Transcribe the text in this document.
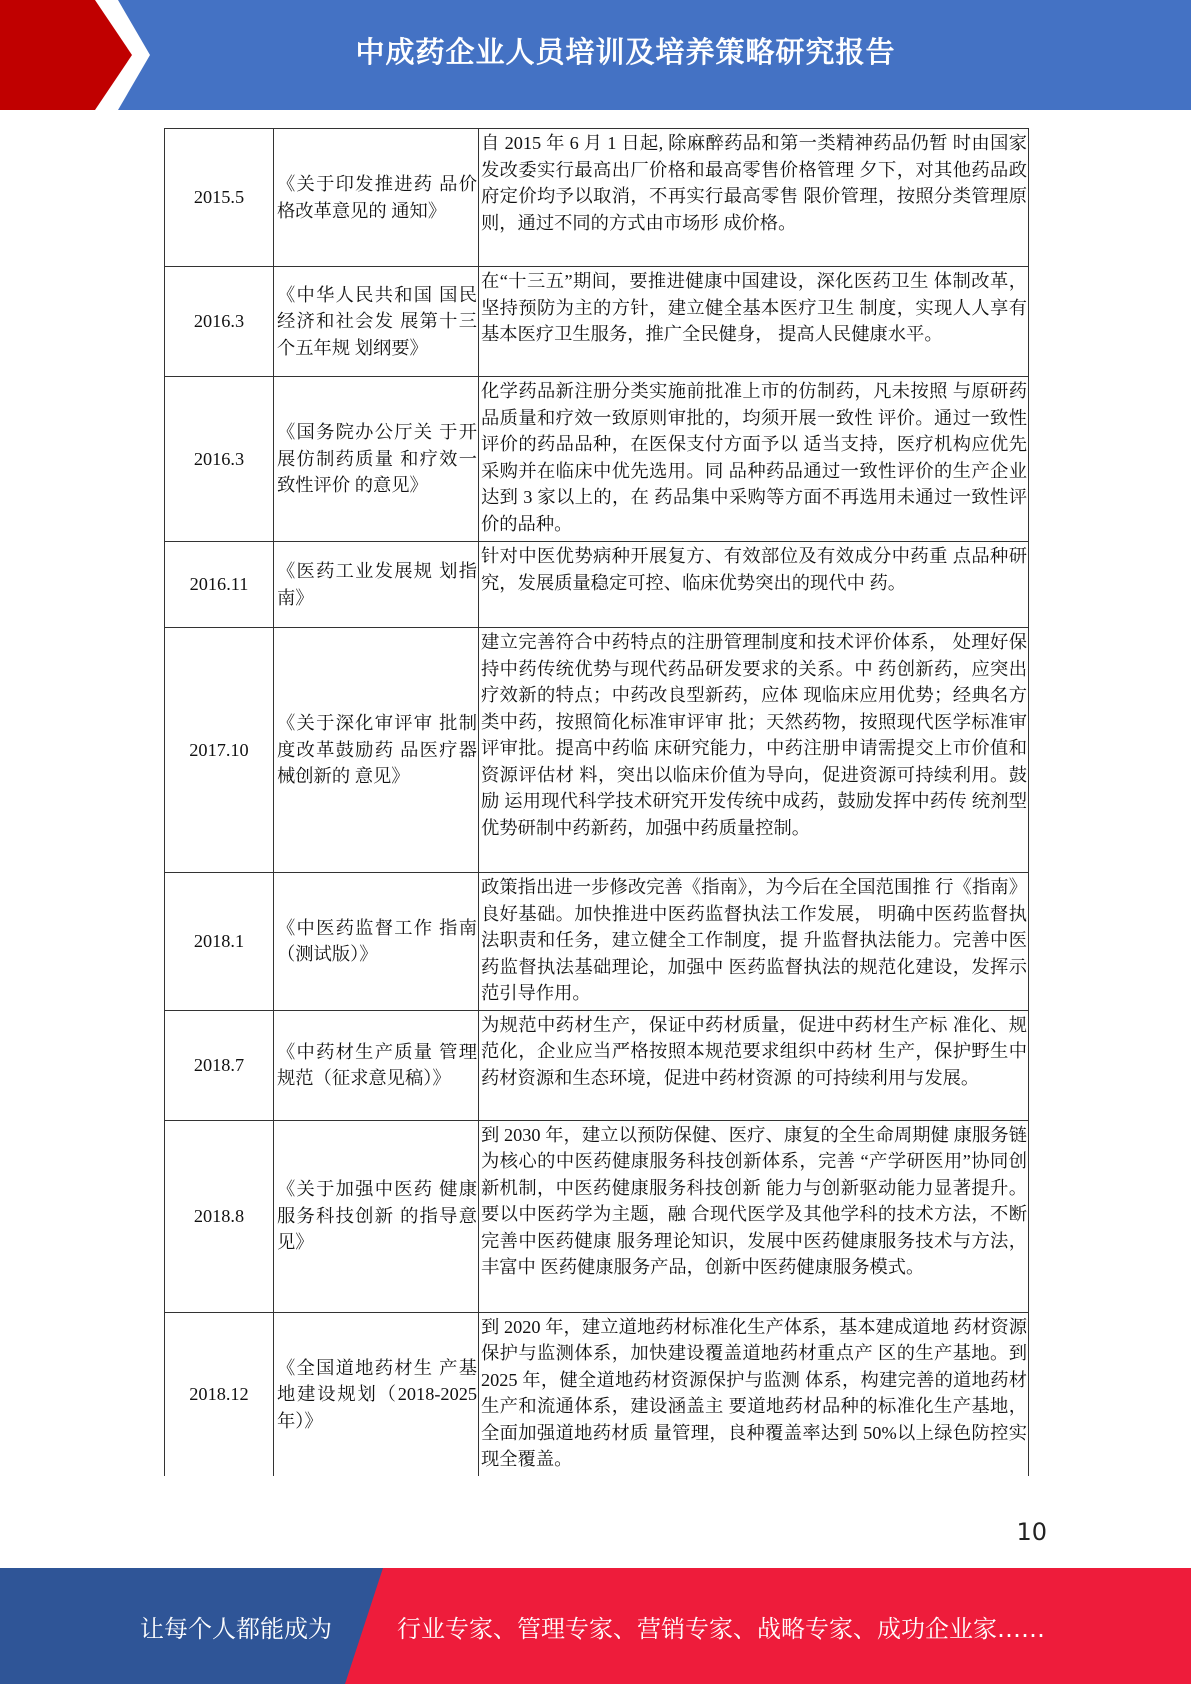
中成药企业人员培训及培养策略研究报告
2015.5	《关于印发推进药 品价格改革意见的 通知》	自 2015 年 6 月 1 日起, 除麻醉药品和第一类精神药品仍暂 时由国家发改委实行最高出厂价格和最高零售价格管理 夕下，对其他药品政府定价均予以取消，不再实行最高零售 限价管理，按照分类管理原则，通过不同的方式由市场形 成价格。
2016.3	《中华人民共和国 国民经济和社会发 展第十三个五年规 划纲要》	在“十三五”期间，要推进健康中国建设，深化医药卫生 体制改革，坚持预防为主的方针，建立健全基本医疗卫生 制度，实现人人享有基本医疗卫生服务，推广全民健身， 提高人民健康水平。
2016.3	《国务院办公厅关 于开展仿制药质量 和疗效一致性评价 的意见》	化学药品新注册分类实施前批准上市的仿制药，凡未按照 与原研药品质量和疗效一致原则审批的，均须开展一致性 评价。通过一致性评价的药品品种，在医保支付方面予以 适当支持，医疗机构应优先采购并在临床中优先选用。同 品种药品通过一致性评价的生产企业达到 3 家以上的，在 药品集中采购等方面不再选用未通过一致性评价的品种。
2016.11	《医药工业发展规 划指南》	针对中医优势病种开展复方、有效部位及有效成分中药重 点品种研究，发展质量稳定可控、临床优势突出的现代中 药。
2017.10	《关于深化审评审 批制度改革鼓励药 品医疗器械创新的 意见》	建立完善符合中药特点的注册管理制度和技术评价体系， 处理好保持中药传统优势与现代药品研发要求的关系。中 药创新药，应突出疗效新的特点；中药改良型新药，应体 现临床应用优势；经典名方类中药，按照简化标准审评审 批；天然药物，按照现代医学标准审评审批。提高中药临 床研究能力，中药注册申请需提交上市价值和资源评估材 料，突出以临床价值为导向，促进资源可持续利用。鼓励 运用现代科学技术研究开发传统中成药，鼓励发挥中药传 统剂型优势研制中药新药，加强中药质量控制。
2018.1	《中医药监督工作 指南（测试版）》	政策指出进一步修改完善《指南》，为今后在全国范围推 行《指南》良好基础。加快推进中医药监督执法工作发展， 明确中医药监督执法职责和任务，建立健全工作制度，提 升监督执法能力。完善中医药监督执法基础理论，加强中 医药监督执法的规范化建设，发挥示范引导作用。
2018.7	《中药材生产质量 管理规范（征求意见稿）》	为规范中药材生产，保证中药材质量，促进中药材生产标 准化、规范化，企业应当严格按照本规范要求组织中药材 生产，保护野生中药材资源和生态环境，促进中药材资源 的可持续利用与发展。
2018.8	《关于加强中医药 健康服务科技创新 的指导意见》	到 2030 年，建立以预防保健、医疗、康复的全生命周期健 康服务链为核心的中医药健康服务科技创新体系，完善 “产学研医用”协同创新机制，中医药健康服务科技创新 能力与创新驱动能力显著提升。要以中医药学为主题，融 合现代医学及其他学科的技术方法，不断完善中医药健康 服务理论知识，发展中医药健康服务技术与方法，丰富中 医药健康服务产品，创新中医药健康服务模式。
2018.12	《全国道地药材生 产基地建设规划（2018-2025 年）》	到 2020 年，建立道地药材标准化生产体系，基本建成道地 药材资源保护与监测体系，加快建设覆盖道地药材重点产 区的生产基地。到 2025 年，健全道地药材资源保护与监测 体系，构建完善的道地药材生产和流通体系，建设涵盖主 要道地药材品种的标准化生产基地，全面加强道地药材质 量管理，良种覆盖率达到 50%以上绿色防控实现全覆盖。
10
让每个人都能成为	行业专家、管理专家、营销专家、战略专家、成功企业家……
